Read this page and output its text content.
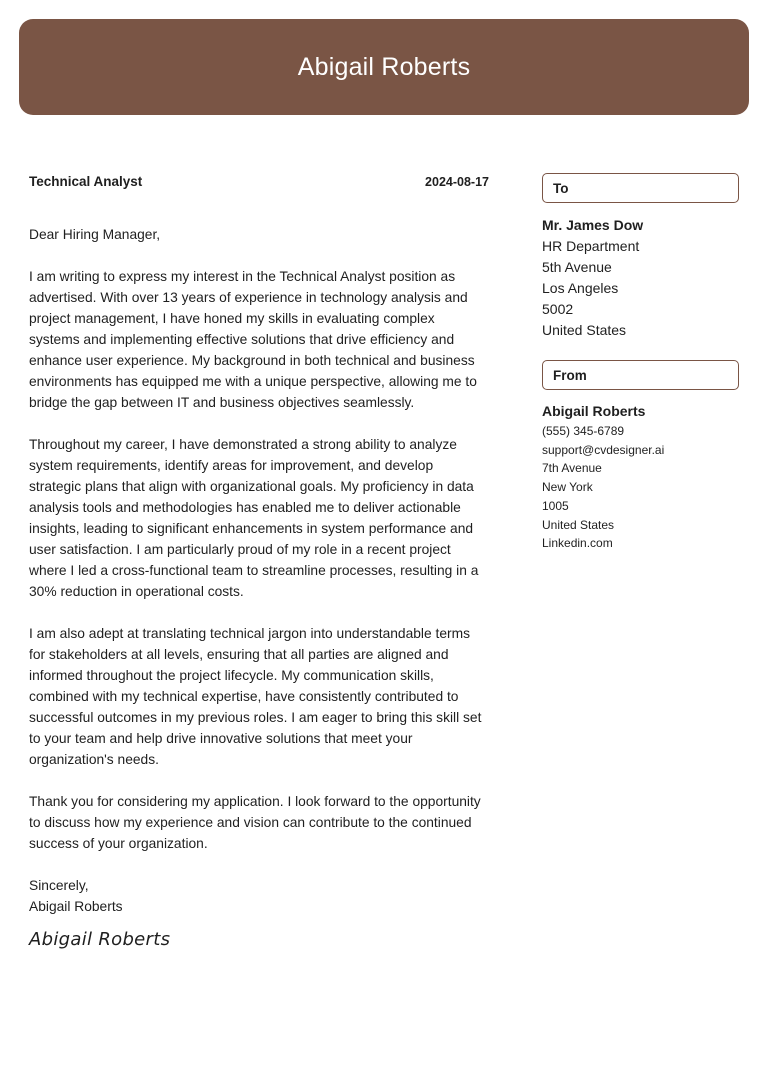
Abigail Roberts
Technical Analyst	2024-08-17
Dear Hiring Manager,
I am writing to express my interest in the Technical Analyst position as advertised. With over 13 years of experience in technology analysis and project management, I have honed my skills in evaluating complex systems and implementing effective solutions that drive efficiency and enhance user experience. My background in both technical and business environments has equipped me with a unique perspective, allowing me to bridge the gap between IT and business objectives seamlessly.
Throughout my career, I have demonstrated a strong ability to analyze system requirements, identify areas for improvement, and develop strategic plans that align with organizational goals. My proficiency in data analysis tools and methodologies has enabled me to deliver actionable insights, leading to significant enhancements in system performance and user satisfaction. I am particularly proud of my role in a recent project where I led a cross-functional team to streamline processes, resulting in a 30% reduction in operational costs.
I am also adept at translating technical jargon into understandable terms for stakeholders at all levels, ensuring that all parties are aligned and informed throughout the project lifecycle. My communication skills, combined with my technical expertise, have consistently contributed to successful outcomes in my previous roles. I am eager to bring this skill set to your team and help drive innovative solutions that meet your organization's needs.
Thank you for considering my application. I look forward to the opportunity to discuss how my experience and vision can contribute to the continued success of your organization.
Sincerely,
Abigail Roberts
Abigail Roberts
To
Mr. James Dow
HR Department
5th Avenue
Los Angeles
5002
United States
From
Abigail Roberts
(555) 345-6789
support@cvdesigner.ai
7th Avenue
New York
1005
United States
Linkedin.com
